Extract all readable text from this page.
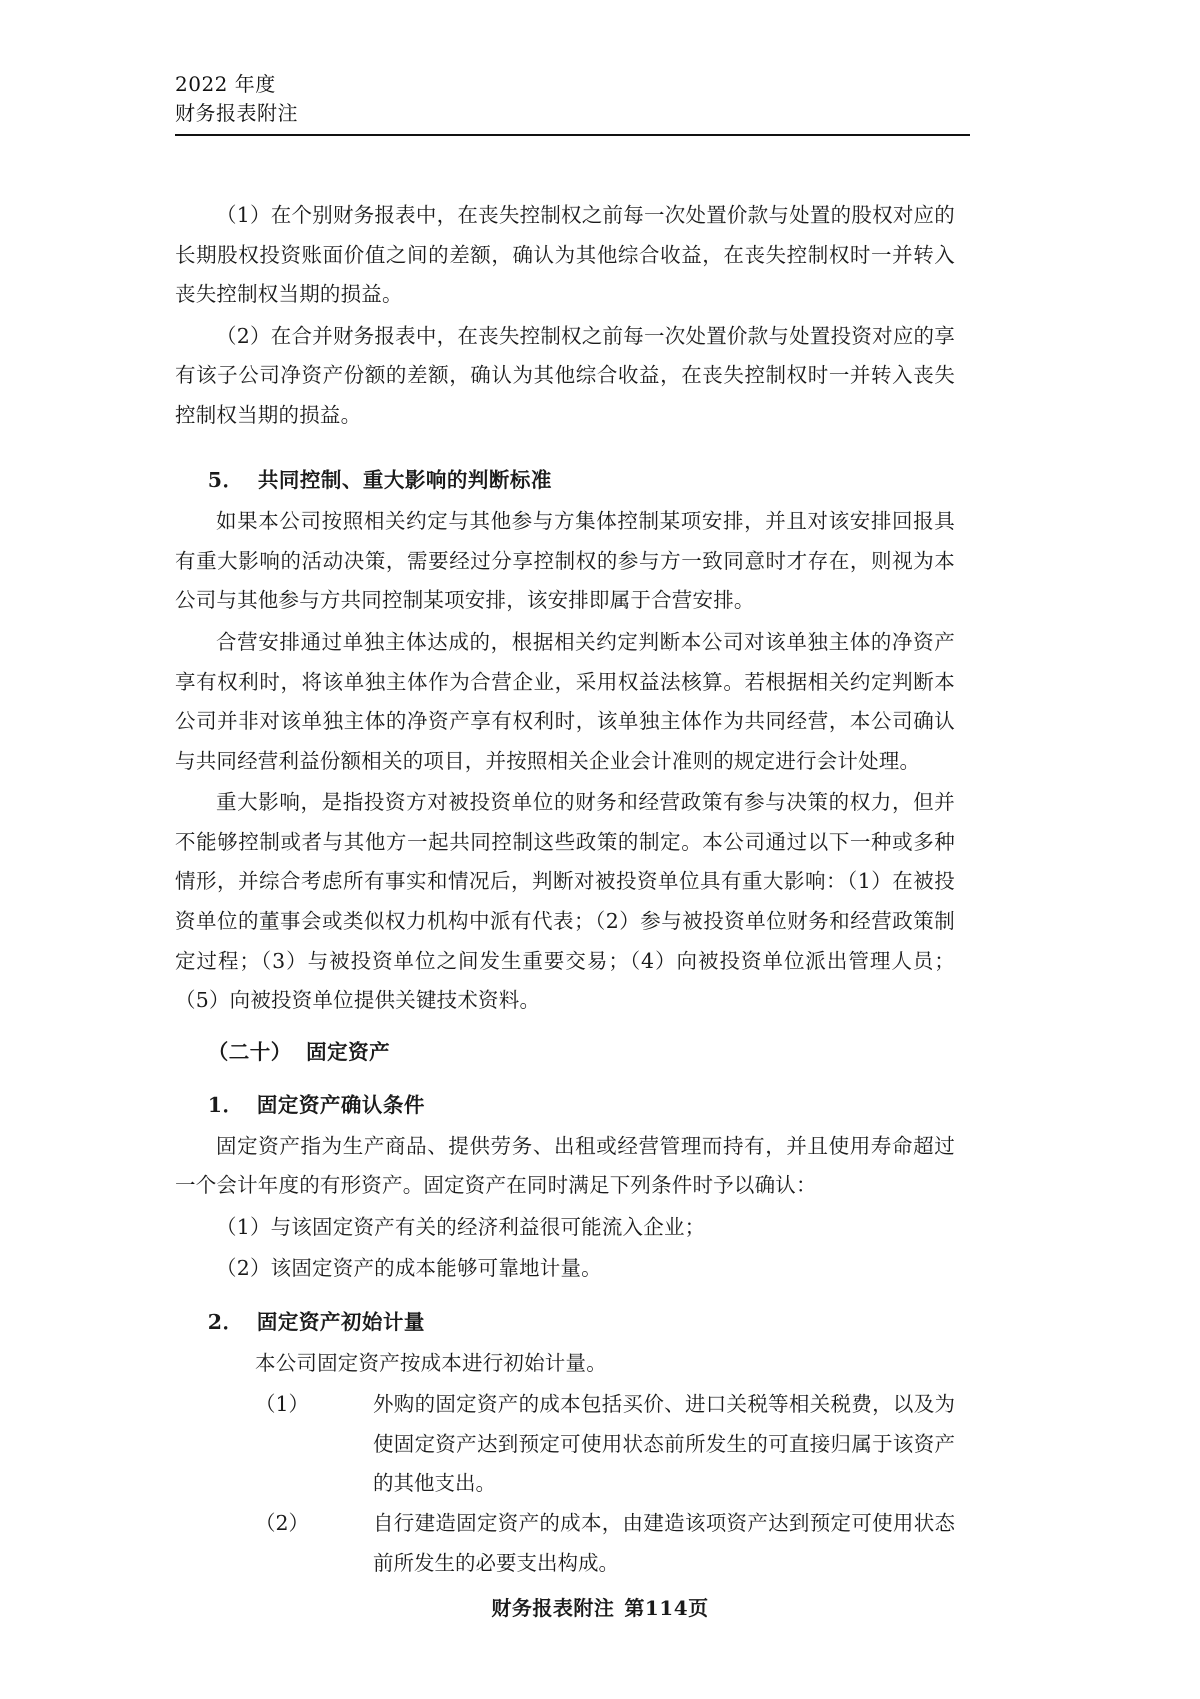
2022 年度
财务报表附注

（1）在个别财务报表中，在丧失控制权之前每一次处置价款与处置的股权对应的长期股权投资账面价值之间的差额，确认为其他综合收益，在丧失控制权时一并转入丧失控制权当期的损益。

（2）在合并财务报表中，在丧失控制权之前每一次处置价款与处置投资对应的享有该子公司净资产份额的差额，确认为其他综合收益，在丧失控制权时一并转入丧失控制权当期的损益。

5． 共同控制、重大影响的判断标准

如果本公司按照相关约定与其他参与方集体控制某项安排，并且对该安排回报具有重大影响的活动决策，需要经过分享控制权的参与方一致同意时才存在，则视为本公司与其他参与方共同控制某项安排，该安排即属于合营安排。

合营安排通过单独主体达成的，根据相关约定判断本公司对该单独主体的净资产享有权利时，将该单独主体作为合营企业，采用权益法核算。若根据相关约定判断本公司并非对该单独主体的净资产享有权利时，该单独主体作为共同经营，本公司确认与共同经营利益份额相关的项目，并按照相关企业会计准则的规定进行会计处理。

重大影响，是指投资方对被投资单位的财务和经营政策有参与决策的权力，但并不能够控制或者与其他方一起共同控制这些政策的制定。本公司通过以下一种或多种情形，并综合考虑所有事实和情况后，判断对被投资单位具有重大影响：（1）在被投资单位的董事会或类似权力机构中派有代表；（2）参与被投资单位财务和经营政策制定过程；（3）与被投资单位之间发生重要交易；（4）向被投资单位派出管理人员；（5）向被投资单位提供关键技术资料。

（二十） 固定资产
1． 固定资产确认条件

固定资产指为生产商品、提供劳务、出租或经营管理而持有，并且使用寿命超过一个会计年度的有形资产。固定资产在同时满足下列条件时予以确认：

（1）与该固定资产有关的经济利益很可能流入企业；

（2）该固定资产的成本能够可靠地计量。

2． 固定资产初始计量

本公司固定资产按成本进行初始计量。

（1）	外购的固定资产的成本包括买价、进口关税等相关税费，以及为使固定资产达到预定可使用状态前所发生的可直接归属于该资产的其他支出。
（2）	自行建造固定资产的成本，由建造该项资产达到预定可使用状态前所发生的必要支出构成。
财务报表附注 第114页
